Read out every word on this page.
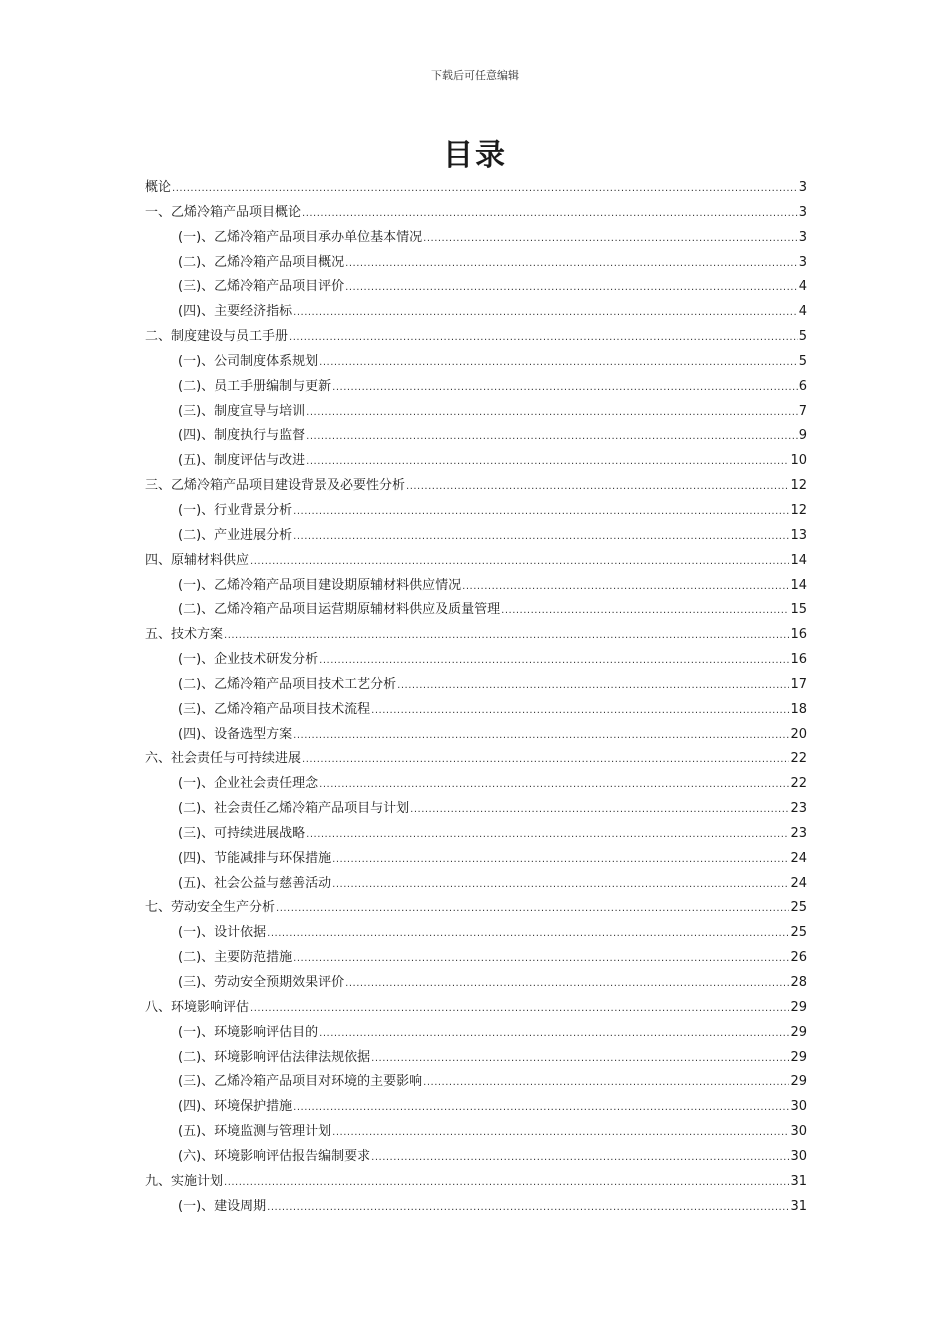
下载后可任意编辑
目录
概论 .....	3
一、乙烯冷箱产品项目概论 .....	3
(一)、乙烯冷箱产品项目承办单位基本情况 .....	3
(二)、乙烯冷箱产品项目概况 .....	3
(三)、乙烯冷箱产品项目评价 .....	4
(四)、主要经济指标 .....	4
二、制度建设与员工手册 .....	5
(一)、公司制度体系规划 .....	5
(二)、员工手册编制与更新 .....	6
(三)、制度宣导与培训 .....	7
(四)、制度执行与监督 .....	9
(五)、制度评估与改进 .....	10
三、乙烯冷箱产品项目建设背景及必要性分析 .....	12
(一)、行业背景分析 .....	12
(二)、产业进展分析 .....	13
四、原辅材料供应 .....	14
(一)、乙烯冷箱产品项目建设期原辅材料供应情况 .....	14
(二)、乙烯冷箱产品项目运营期原辅材料供应及质量管理 .....	15
五、技术方案 .....	16
(一)、企业技术研发分析 .....	16
(二)、乙烯冷箱产品项目技术工艺分析 .....	17
(三)、乙烯冷箱产品项目技术流程 .....	18
(四)、设备选型方案 .....	20
六、社会责任与可持续进展 .....	22
(一)、企业社会责任理念 .....	22
(二)、社会责任乙烯冷箱产品项目与计划 .....	23
(三)、可持续进展战略 .....	23
(四)、节能减排与环保措施 .....	24
(五)、社会公益与慈善活动 .....	24
七、劳动安全生产分析 .....	25
(一)、设计依据 .....	25
(二)、主要防范措施 .....	26
(三)、劳动安全预期效果评价 .....	28
八、环境影响评估 .....	29
(一)、环境影响评估目的 .....	29
(二)、环境影响评估法律法规依据 .....	29
(三)、乙烯冷箱产品项目对环境的主要影响 .....	29
(四)、环境保护措施 .....	30
(五)、环境监测与管理计划 .....	30
(六)、环境影响评估报告编制要求 .....	30
九、实施计划 .....	31
(一)、建设周期 .....	31
